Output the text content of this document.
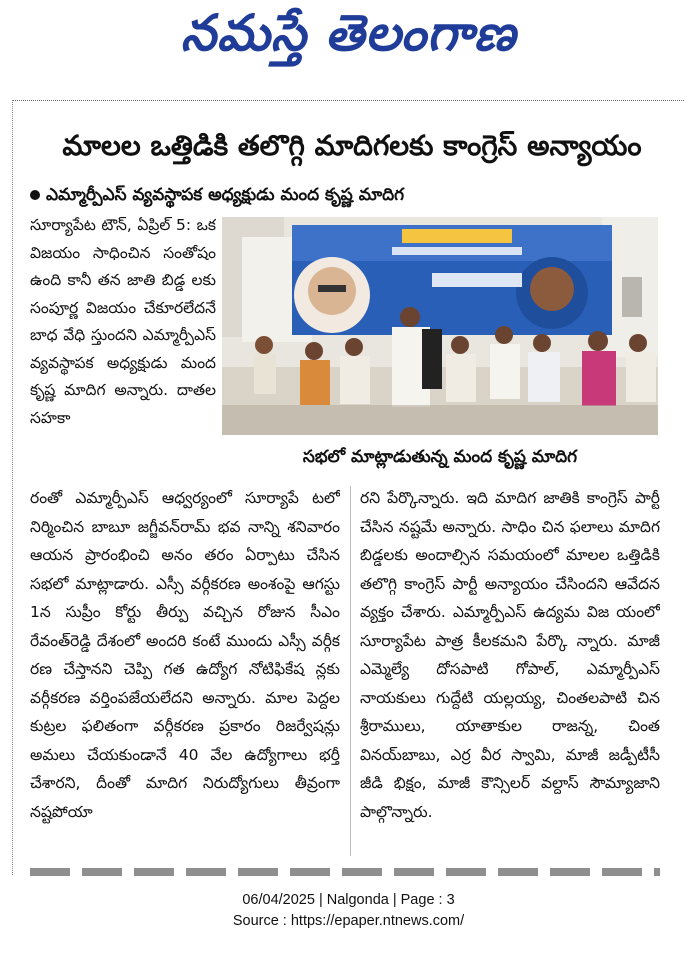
నమస్తే తెలంగాణ
మాలల ఒత్తిడికి తలొగ్గి మాదిగలకు కాంగ్రెస్ అన్యాయం
ఎమ్మార్పీఎస్ వ్యవస్థాపక అధ్యక్షుడు మంద కృష్ణ మాదిగ

సూర్యాపేట టౌన్, ఏప్రిల్ 5: ఒక విజయం సాధించిన సంతోషం ఉంది కానీ తన జాతి బిడ్డ లకు సంపూర్ణ విజయం చేకూరలేదనే బాధ వేధి స్తుందని ఎమ్మార్పీఎస్ వ్యవస్థాపక అధ్యక్షుడు మంద కృష్ణ మాదిగ అన్నారు. దాతల సహకా

సభలో మాట్లాడుతున్న మంద కృష్ణ మాదిగ

రంతో ఎమ్మార్పీఎస్ ఆధ్వర్యంలో సూర్యాపే టలో నిర్మించిన బాబూ జగ్జీవన్‌రామ్ భవ నాన్ని శనివారం ఆయన ప్రారంభించి అనం తరం ఏర్పాటు చేసిన సభలో మాట్లాడారు. ఎస్సీ వర్గీకరణ అంశంపై ఆగస్టు 1న సుప్రీం కోర్టు తీర్పు వచ్చిన రోజున సీఎం రేవంత్‌రెడ్డి దేశంలో అందరి కంటే ముందు ఎస్సీ వర్గీక రణ చేస్తానని చెప్పి గత ఉద్యోగ నోటిఫికేష న్లకు వర్గీకరణ వర్తింపజేయలేదని అన్నారు. మాల పెద్దల కుట్రల ఫలితంగా వర్గీకరణ ప్రకారం రిజర్వేషన్లు అమలు చేయకుండానే 40 వేల ఉద్యోగాలు భర్తీ చేశారని, దీంతో మాదిగ నిరుద్యోగులు తీవ్రంగా నష్టపోయా

రని పేర్కొన్నారు. ఇది మాదిగ జాతికి కాంగ్రెస్ పార్టీ చేసిన నష్టమే అన్నారు. సాధిం చిన ఫలాలు మాదిగ బిడ్డలకు అందాల్సిన సమయంలో మాలల ఒత్తిడికి తలొగ్గి కాంగ్రెస్ పార్టీ అన్యాయం చేసిందని ఆవేదన వ్యక్తం చేశారు. ఎమ్మార్పీఎస్ ఉద్యమ విజ యంలో సూర్యాపేట పాత్ర కీలకమని పేర్కొ న్నారు. మాజీ ఎమ్మెల్యే దోసపాటి గోపాల్, ఎమ్మార్పీఎస్ నాయకులు గుద్దేటి యల్లయ్య, చింతలపాటి చిన శ్రీరాములు, యాతాకుల రాజన్న, చింత వినయ్‌బాబు, ఎర్ర వీర స్వామి, మాజీ జడ్పీటీసీ జీడి భిక్షం, మాజీ కౌన్సిలర్ వల్దాస్ సౌమ్యాజాని పాల్గొన్నారు.

06/04/2025 | Nalgonda | Page : 3
Source : https://epaper.ntnews.com/
